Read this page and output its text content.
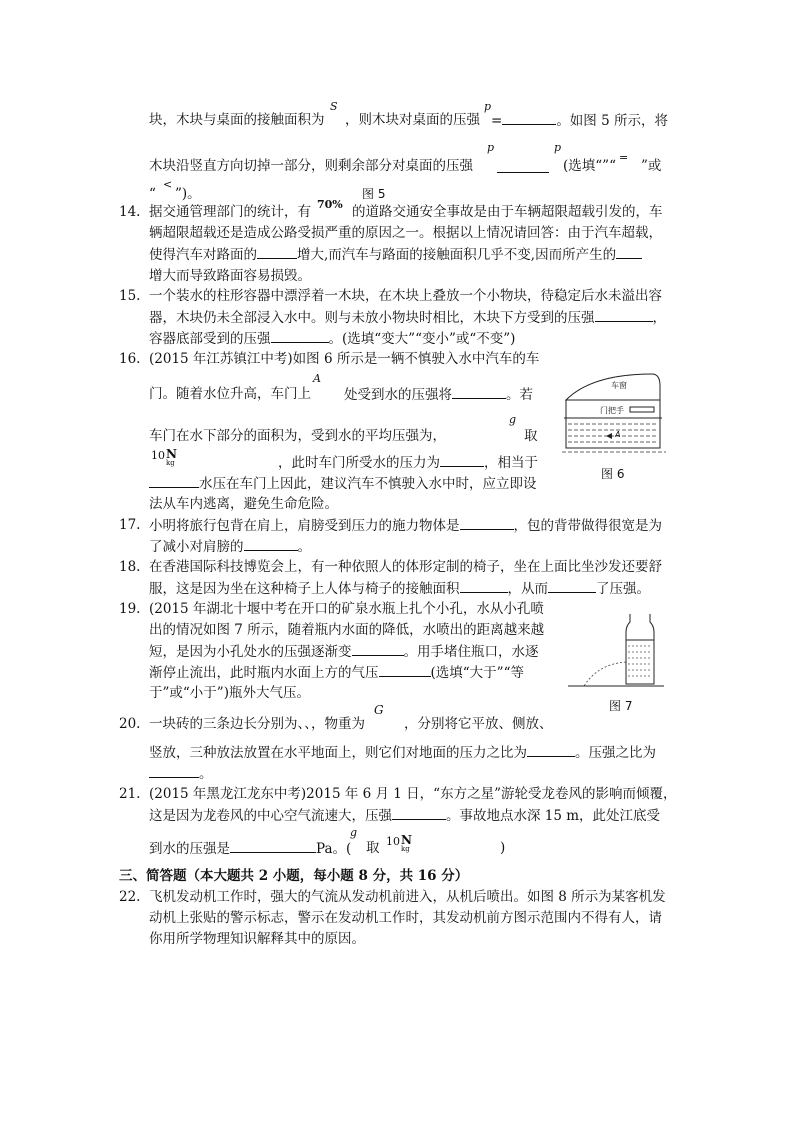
块，木块与桌面的接触面积为
S
，则木块对桌面的压强
p
=	。如图 5 所示，将
木块沿竖直方向切掉一部分，则剩余部分对桌面的压强
p	p
(选填“”“
=
”或
“
<
”)。	图 5
14. 据交通管理部门的统计，有 70% 的道路交通安全事故是由于车辆超限超载引发的，车
辆超限超载还是造成公路受损严重的原因之一。根据以上情况请回答：由于汽车超载，
使得汽车对路面的	增大,而汽车与路面的接触面积几乎不变,因而所产生的
增大而导致路面容易损毁。
15. 一个装水的柱形容器中漂浮着一木块，在木块上叠放一个小物块，待稳定后水未溢出容
器，木块仍未全部浸入水中。则与未放小物块时相比，木块下方受到的压强	，
容器底部受到的压强	。(选填“变大”“变小”或“不变”)
16. (2015 年江苏镇江中考)如图 6 所示是一辆不慎驶入水中汽车的车
门。随着水位升高，车门上
A
处受到水的压强将	。若
车门在水下部分的面积为，受到水的平均压强为，
g
取
10 N
kg	，此时车门所受水的压力为	，相当于
水压在车门上因此，建议汽车不慎驶入水中时，应立即设
法从车内逃离，避免生命危险。
车窗
门把手
A
图 6
17. 小明将旅行包背在肩上，肩膀受到压力的施力物体是	，包的背带做得很宽是为
了减小对肩膀的	。
18. 在香港国际科技博览会上，有一种依照人的体形定制的椅子，坐在上面比坐沙发还要舒
服，这是因为坐在这种椅子上人体与椅子的接触面积	，从而	了压强。
19. (2015 年湖北十堰中考在开口的矿泉水瓶上扎个小孔，水从小孔喷
出的情况如图 7 所示，随着瓶内水面的降低，水喷出的距离越来越
短，是因为小孔处水的压强逐渐变	。用手堵住瓶口，水逐
渐停止流出，此时瓶内水面上方的气压	(选填“大于”“等
于”或“小于”)瓶外大气压。
图 7
20. 一块砖的三条边长分别为、、，物重为
G
，分别将它平放、侧放、
竖放，三种放法放置在水平地面上，则它们对地面的压力之比为	。压强之比为
。
21. (2015 年黑龙江龙东中考)2015 年 6 月 1 日，“东方之星”游轮受龙卷风的影响而倾覆，
这是因为龙卷风的中心空气流速大，压强	。事故地点水深 15 m，此处江底受
到水的压强是	Pa。(
g
取 10 N
kg	)
三、简答题（本大题共 2 小题，每小题 8 分，共 16 分）
22. 飞机发动机工作时，强大的气流从发动机前进入，从机后喷出。如图 8 所示为某客机发
动机上张贴的警示标志，警示在发动机工作时，其发动机前方图示范围内不得有人，请
你用所学物理知识解释其中的原因。
